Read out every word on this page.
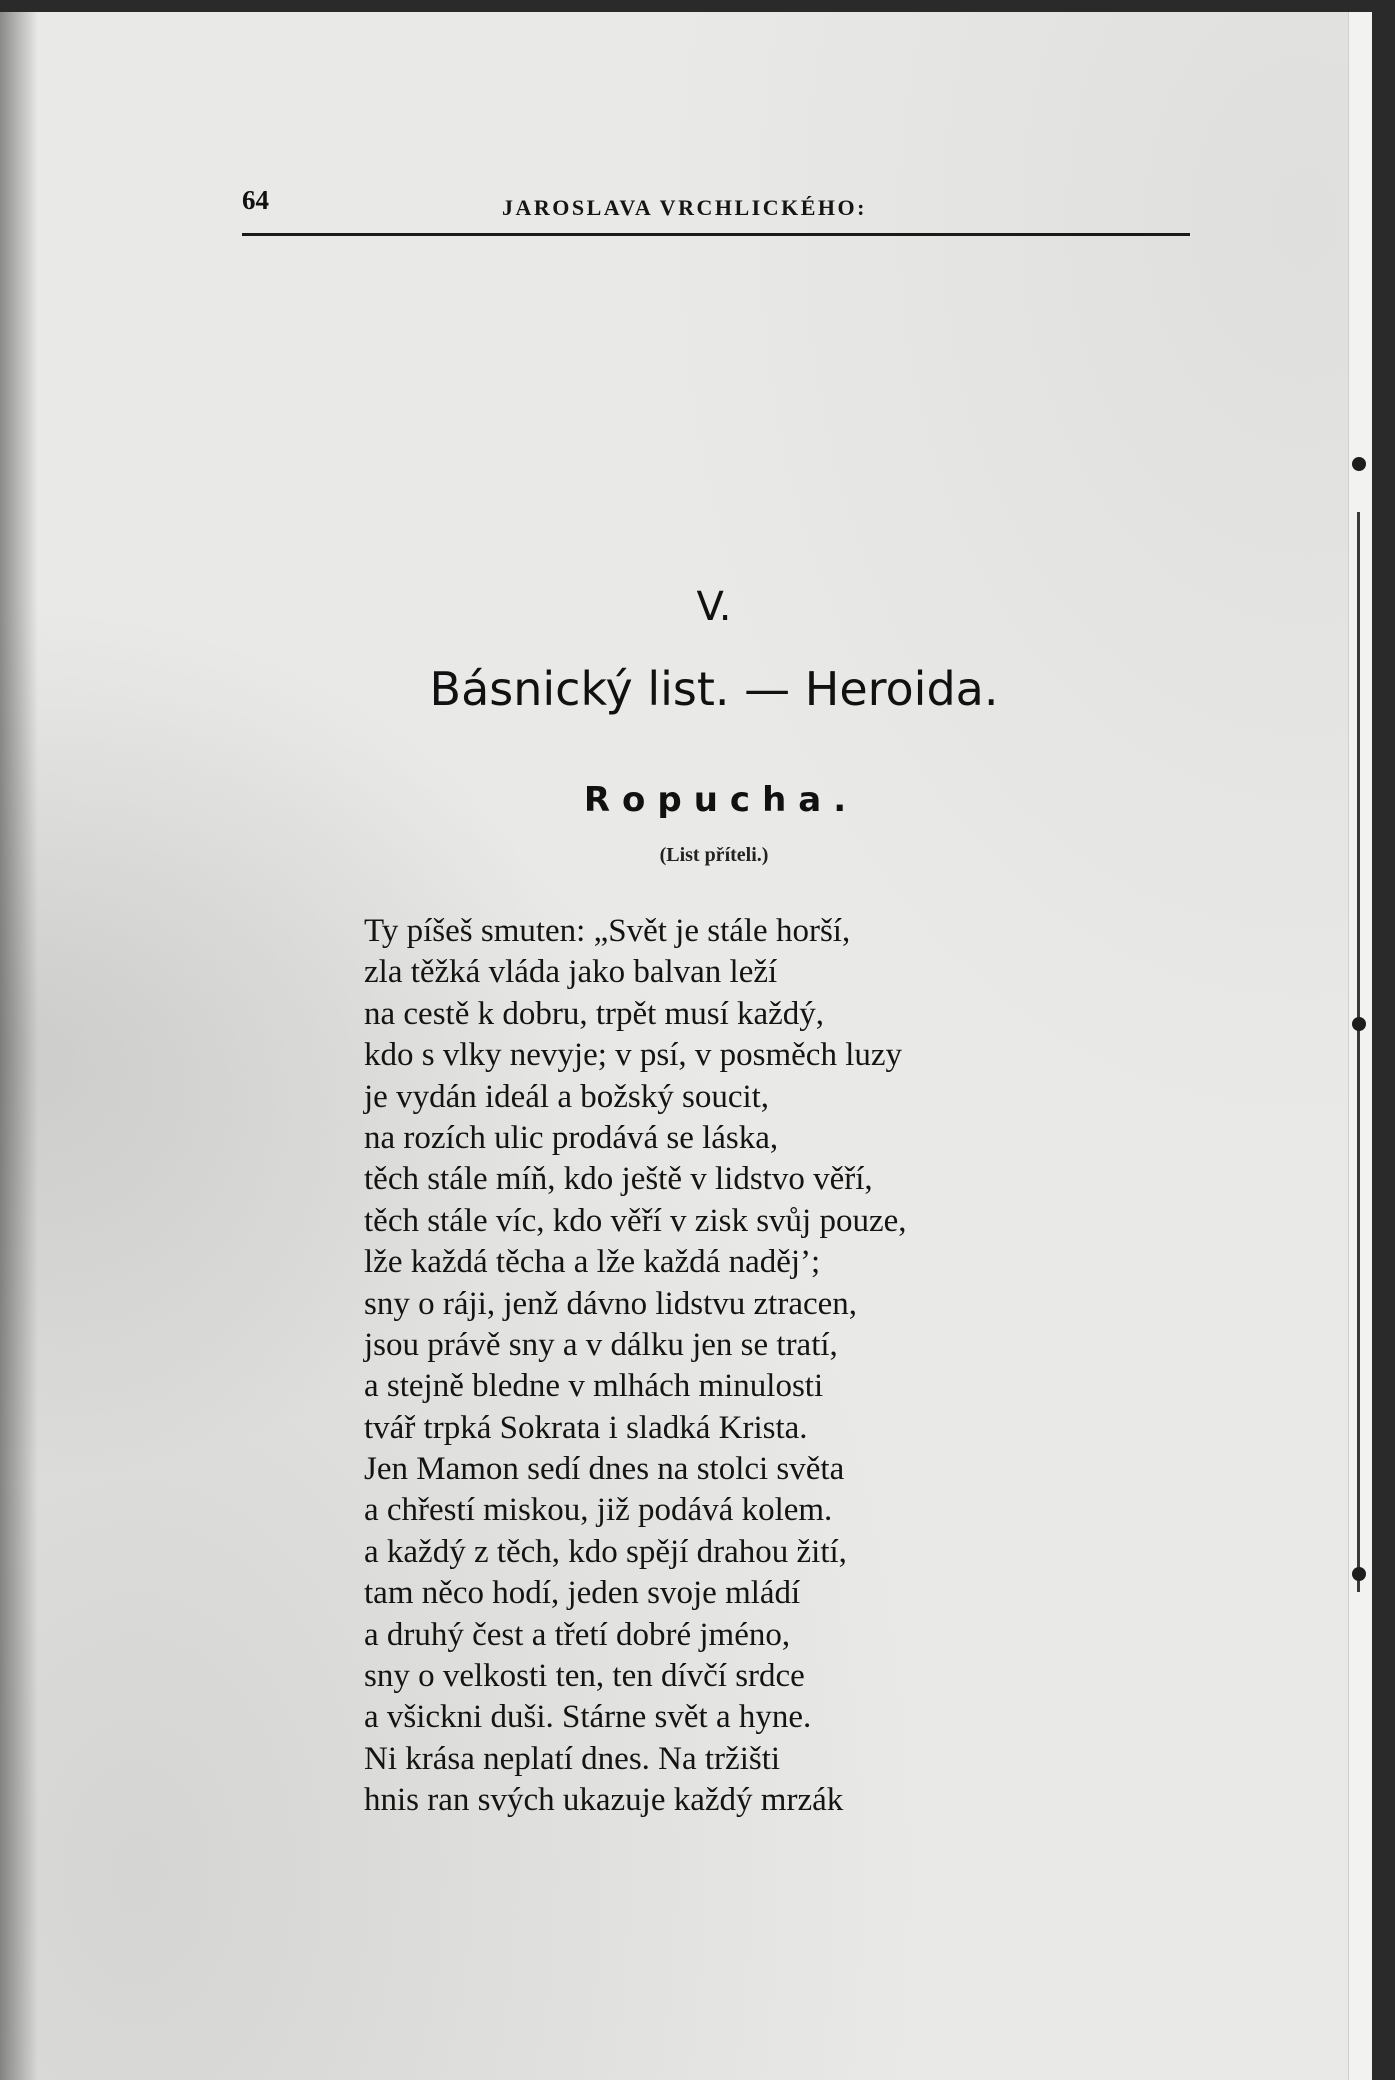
64	JAROSLAVA VRCHLICKÉHO:
V.
Básnický list. — Heroida.
Ropucha.
(List příteli.)
Ty píšeš smuten: „Svět je stále horší,
zla těžká vláda jako balvan leží
na cestě k dobru, trpět musí každý,
kdo s vlky nevyje; v psí, v posměch luzy
je vydán ideál a božský soucit,
na rozích ulic prodává se láska,
těch stále míň, kdo ještě v lidstvo věří,
těch stále víc, kdo věří v zisk svůj pouze,
lže každá těcha a lže každá naděj’;
sny o ráji, jenž dávno lidstvu ztracen,
jsou právě sny a v dálku jen se tratí,
a stejně bledne v mlhách minulosti
tvář trpká Sokrata i sladká Krista.
Jen Mamon sedí dnes na stolci světa
a chřestí miskou, již podává kolem.
a každý z těch, kdo spějí drahou žití,
tam něco hodí, jeden svoje mládí
a druhý čest a třetí dobré jméno,
sny o velkosti ten, ten dívčí srdce
a všickni duši. Stárne svět a hyne.
Ni krása neplatí dnes. Na tržišti
hnis ran svých ukazuje každý mrzák
